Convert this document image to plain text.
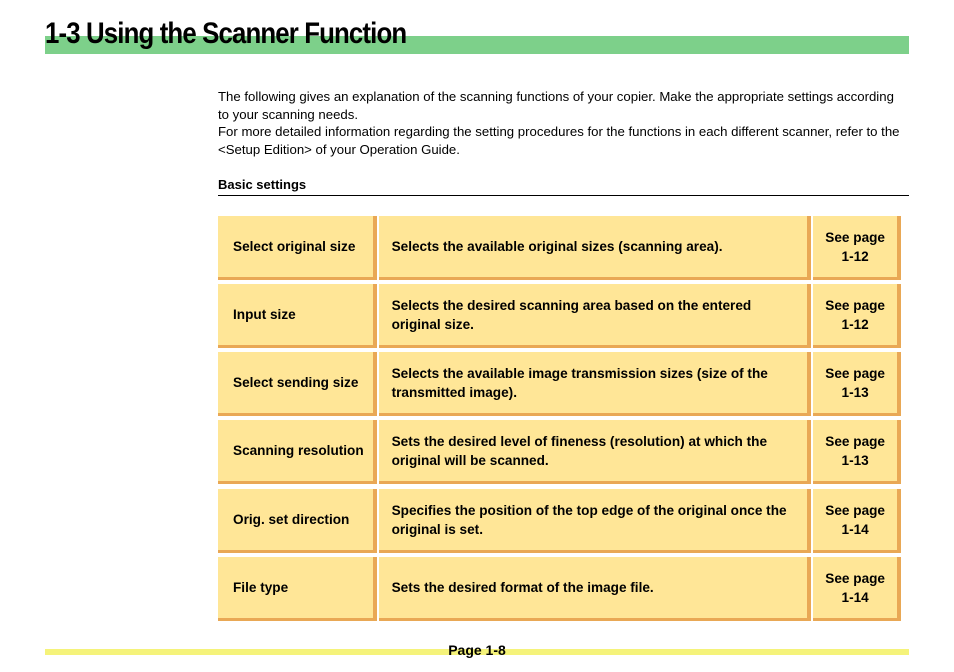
1-3 Using the Scanner Function

The following gives an explanation of the scanning functions of your copier. Make the appropriate settings according to your scanning needs.

For more detailed information regarding the setting procedures for the functions in each different scanner, refer to the <Setup Edition> of your Operation Guide.

Basic settings
Select original size	Selects the available original sizes (scanning area).
See page
1-12
Input size
Selects the desired scanning area based on the entered original size.
See page
1-12
Select sending size
Selects the available image transmission sizes (size of the transmitted image).
See page
1-13
Scanning resolution
Sets the desired level of fineness (resolution) at which the original will be scanned.
See page
1-13
Orig. set direction
Specifies the position of the top edge of the original once the original is set.
See page
1-14
File type	Sets the desired format of the image file.
See page
1-14
Page 1-8
